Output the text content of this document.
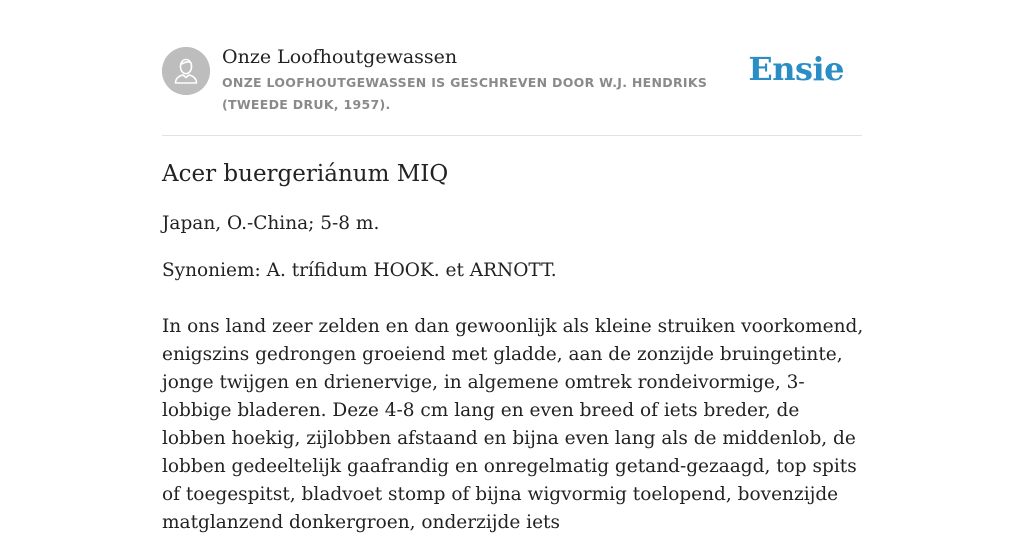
Onze Loofhoutgewassen
ONZE LOOFHOUTGEWASSEN IS GESCHREVEN DOOR W.J. HENDRIKS (TWEEDE DRUK, 1957).
Ensie
Acer buergeriánum MIQ

Japan, O.-China; 5-8 m.

Synoniem: A. trífidum HOOK. et ARNOTT.

In ons land zeer zelden en dan gewoonlijk als kleine struiken voorkomend, enigszins gedrongen groeiend met gladde, aan de zonzijde bruingetinte, jonge twijgen en drienervige, in algemene omtrek rondeivormige, 3-lobbige bladeren. Deze 4-8 cm lang en even breed of iets breder, de lobben hoekig, zijlobben afstaand en bijna even lang als de middenlob, de lobben gedeeltelijk gaafrandig en onregelmatig getand-gezaagd, top spits of toegespitst, bladvoet stomp of bijna wigvormig toelopend, bovenzijde matglanzend donkergroen, onderzijde iets
